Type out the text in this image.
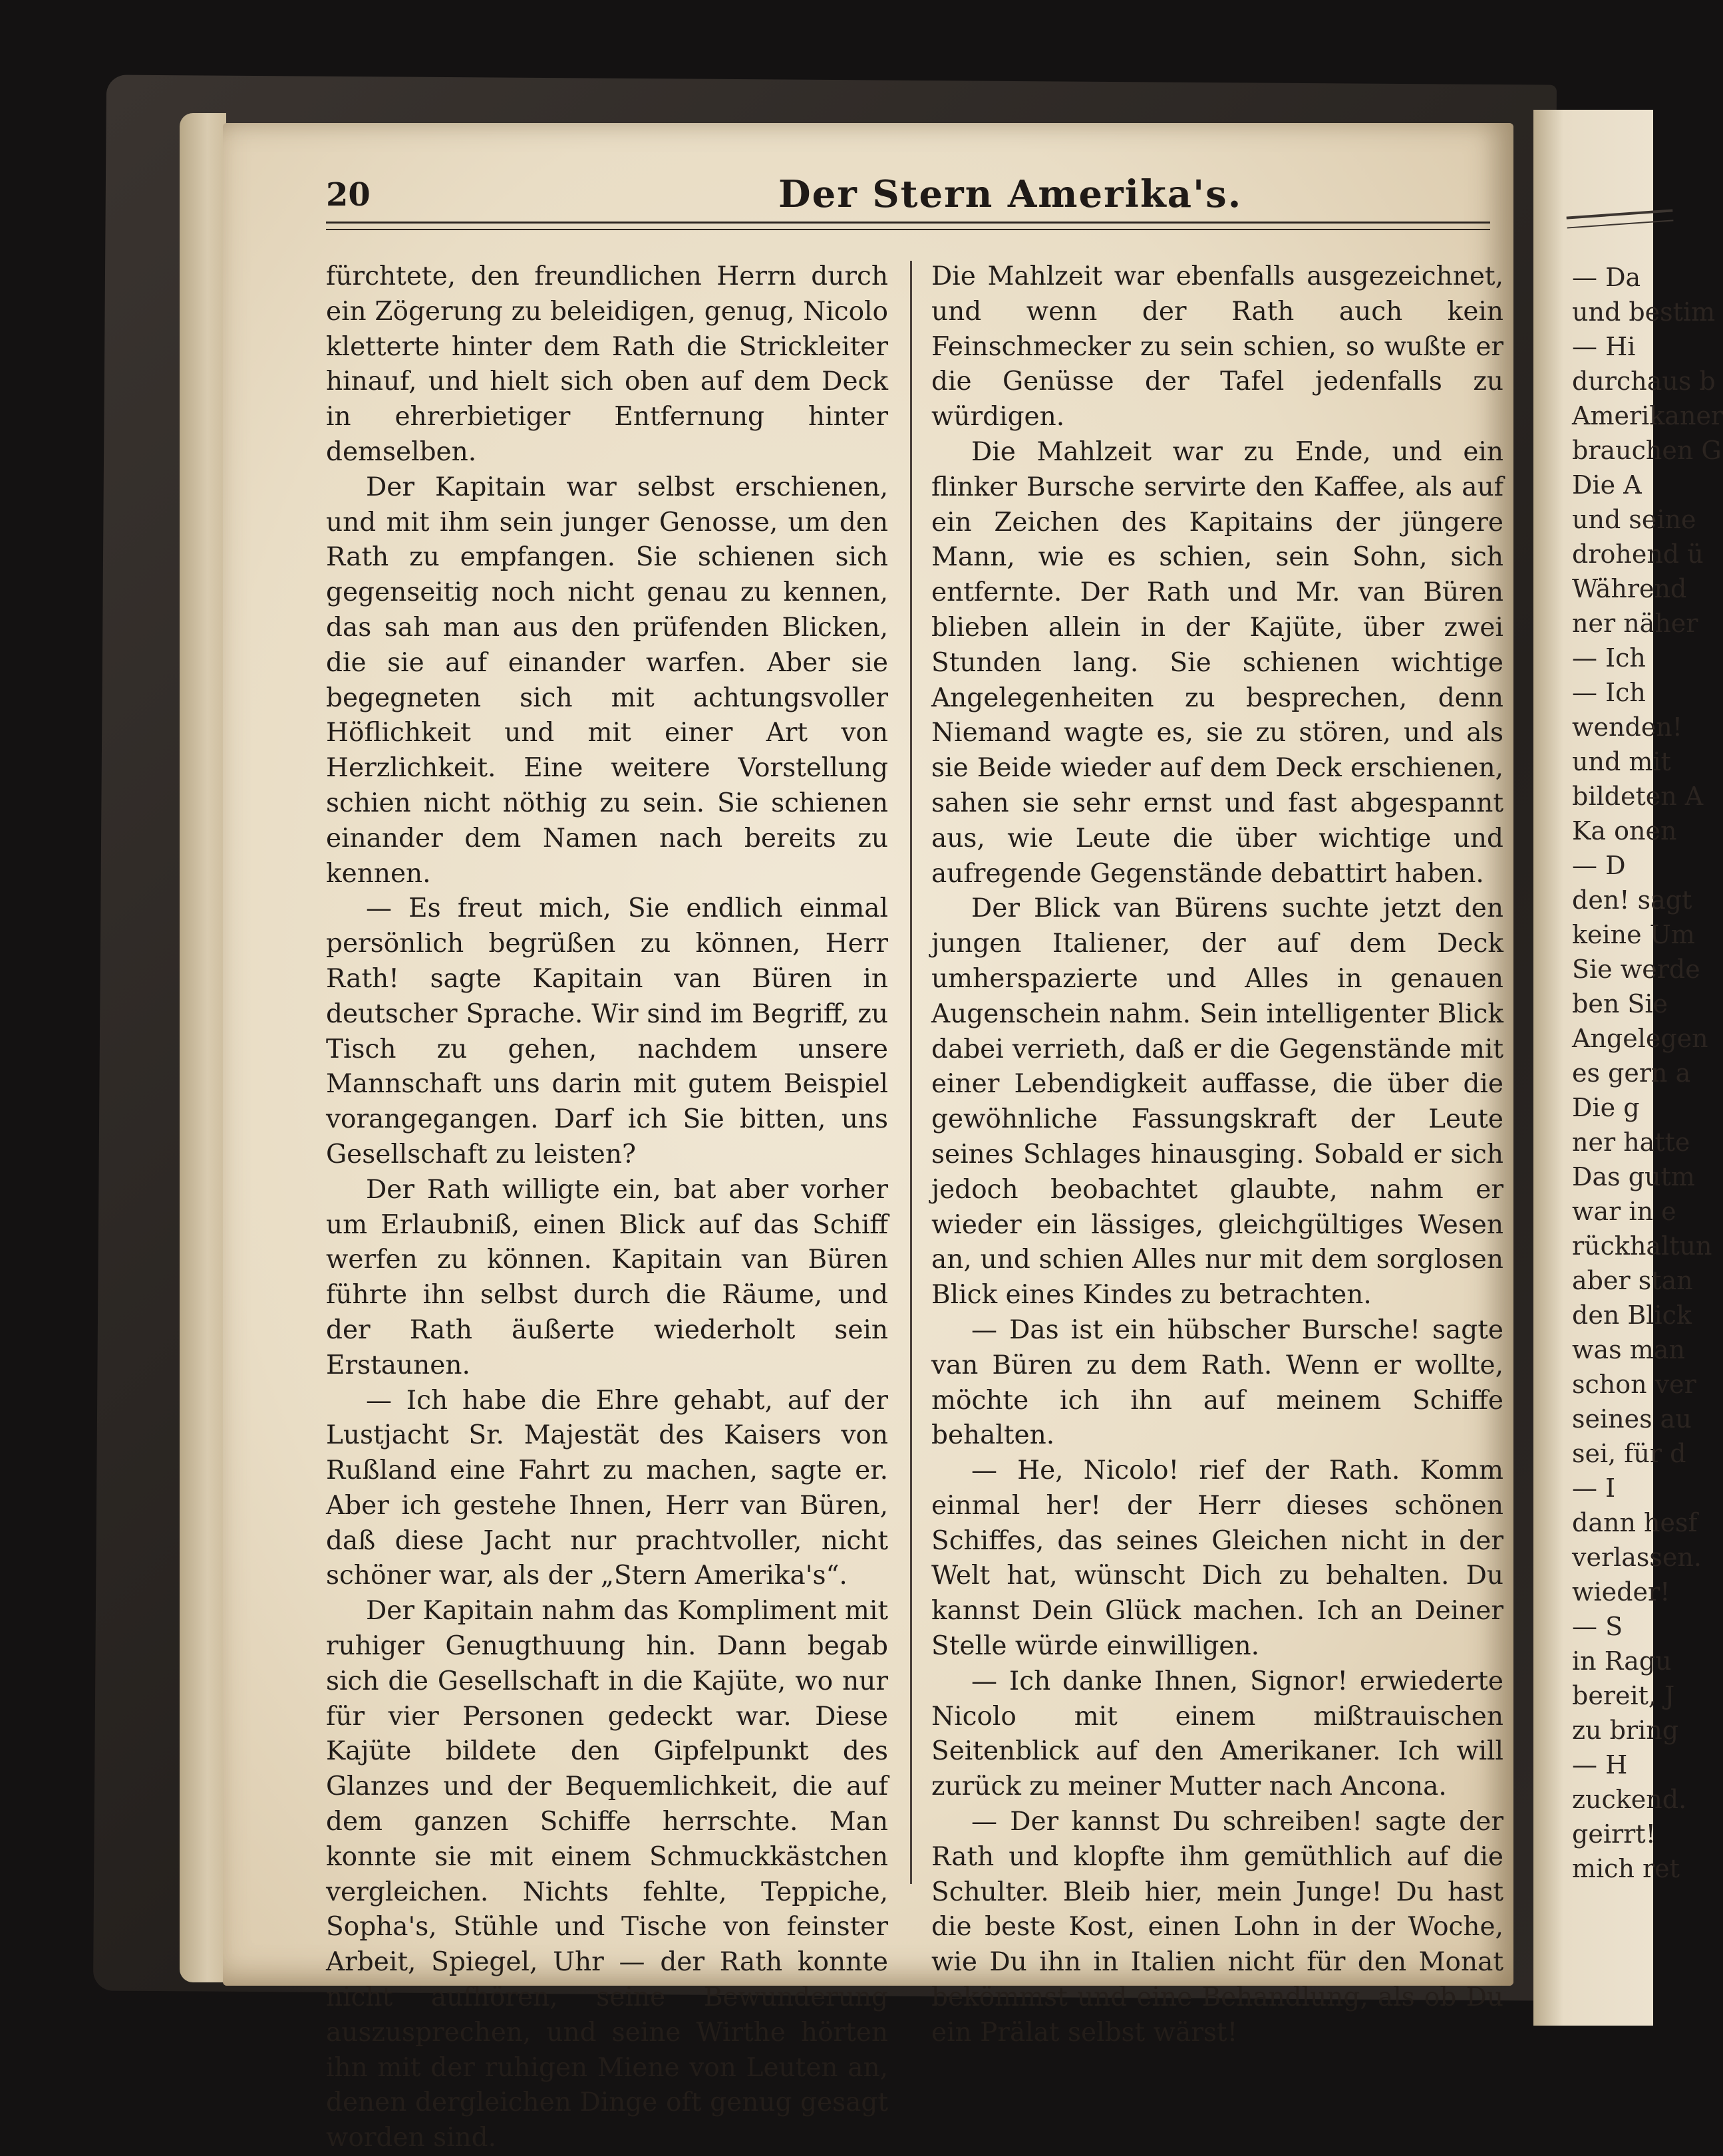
— Da
und bestim
— Hi
durchaus b
Amerikaner
brauchen G
Die A
und seine
drohend ü
Während
ner näher
— Ich
— Ich
wenden!
und mit
bildeten A
Ka onen
— D
den! sagt
keine Um
Sie werde
ben Sie
Angelegen
es gern a
Die g
ner hatte
Das gutm
war in e
rückhaltun
aber stan
den Blick
was man
schon ver
seines au
sei, für d
— I
dann hesf
verlassen.
wieder!
— S
in Ragu
bereit, J
zu bring
— H
zuckend.
geirrt!
mich ret
20	Der Stern Amerika's.

fürchtete, den freundlichen Herrn durch ein Zögerung zu beleidigen, genug, Nicolo kletterte hinter dem Rath die Strickleiter hinauf, und hielt sich oben auf dem Deck in ehrerbietiger Entfernung hinter demselben.

Der Kapitain war selbst erschienen, und mit ihm sein junger Genosse, um den Rath zu empfangen. Sie schienen sich gegenseitig noch nicht genau zu kennen, das sah man aus den prüfenden Blicken, die sie auf einander warfen. Aber sie begegneten sich mit achtungsvoller Höflichkeit und mit einer Art von Herzlichkeit. Eine weitere Vorstellung schien nicht nöthig zu sein. Sie schienen einander dem Namen nach bereits zu kennen.

— Es freut mich, Sie endlich einmal persönlich begrüßen zu können, Herr Rath! sagte Kapitain van Büren in deutscher Sprache. Wir sind im Begriff, zu Tisch zu gehen, nachdem unsere Mannschaft uns darin mit gutem Beispiel vorangegangen. Darf ich Sie bitten, uns Gesellschaft zu leisten?

Der Rath willigte ein, bat aber vorher um Erlaubniß, einen Blick auf das Schiff werfen zu können. Kapitain van Büren führte ihn selbst durch die Räume, und der Rath äußerte wiederholt sein Erstaunen.

— Ich habe die Ehre gehabt, auf der Lustjacht Sr. Majestät des Kaisers von Rußland eine Fahrt zu machen, sagte er. Aber ich gestehe Ihnen, Herr van Büren, daß diese Jacht nur prachtvoller, nicht schöner war, als der „Stern Amerika's“.

Der Kapitain nahm das Kompliment mit ruhiger Genugthuung hin. Dann begab sich die Gesellschaft in die Kajüte, wo nur für vier Personen gedeckt war. Diese Kajüte bildete den Gipfelpunkt des Glanzes und der Bequemlichkeit, die auf dem ganzen Schiffe herrschte. Man konnte sie mit einem Schmuckkästchen vergleichen. Nichts fehlte, Teppiche, Sopha's, Stühle und Tische von feinster Arbeit, Spiegel, Uhr — der Rath konnte nicht aufhören, seine Bewunderung auszusprechen, und seine Wirthe hörten ihn mit der ruhigen Miene von Leuten an, denen dergleichen Dinge oft genug gesagt worden sind.

Die Mahlzeit war ebenfalls ausgezeichnet, und wenn der Rath auch kein Feinschmecker zu sein schien, so wußte er die Genüsse der Tafel jedenfalls zu würdigen.

Die Mahlzeit war zu Ende, und ein flinker Bursche servirte den Kaffee, als auf ein Zeichen des Kapitains der jüngere Mann, wie es schien, sein Sohn, sich entfernte. Der Rath und Mr. van Büren blieben allein in der Kajüte, über zwei Stunden lang. Sie schienen wichtige Angelegenheiten zu besprechen, denn Niemand wagte es, sie zu stören, und als sie Beide wieder auf dem Deck erschienen, sahen sie sehr ernst und fast abgespannt aus, wie Leute die über wichtige und aufregende Gegenstände debattirt haben.

Der Blick van Bürens suchte jetzt den jungen Italiener, der auf dem Deck umherspazierte und Alles in genauen Augenschein nahm. Sein intelligenter Blick dabei verrieth, daß er die Gegenstände mit einer Lebendigkeit auffasse, die über die gewöhnliche Fassungskraft der Leute seines Schlages hinausging. Sobald er sich jedoch beobachtet glaubte, nahm er wieder ein lässiges, gleichgültiges Wesen an, und schien Alles nur mit dem sorglosen Blick eines Kindes zu betrachten.

— Das ist ein hübscher Bursche! sagte van Büren zu dem Rath. Wenn er wollte, möchte ich ihn auf meinem Schiffe behalten.

— He, Nicolo! rief der Rath. Komm einmal her! der Herr dieses schönen Schiffes, das seines Gleichen nicht in der Welt hat, wünscht Dich zu behalten. Du kannst Dein Glück machen. Ich an Deiner Stelle würde einwilligen.

— Ich danke Ihnen, Signor! erwiederte Nicolo mit einem mißtrauischen Seitenblick auf den Amerikaner. Ich will zurück zu meiner Mutter nach Ancona.

— Der kannst Du schreiben! sagte der Rath und klopfte ihm gemüthlich auf die Schulter. Bleib hier, mein Junge! Du hast die beste Kost, einen Lohn in der Woche, wie Du ihn in Italien nicht für den Monat bekömmst und eine Behandlung, als ob Du ein Prälat selbst wärst!
